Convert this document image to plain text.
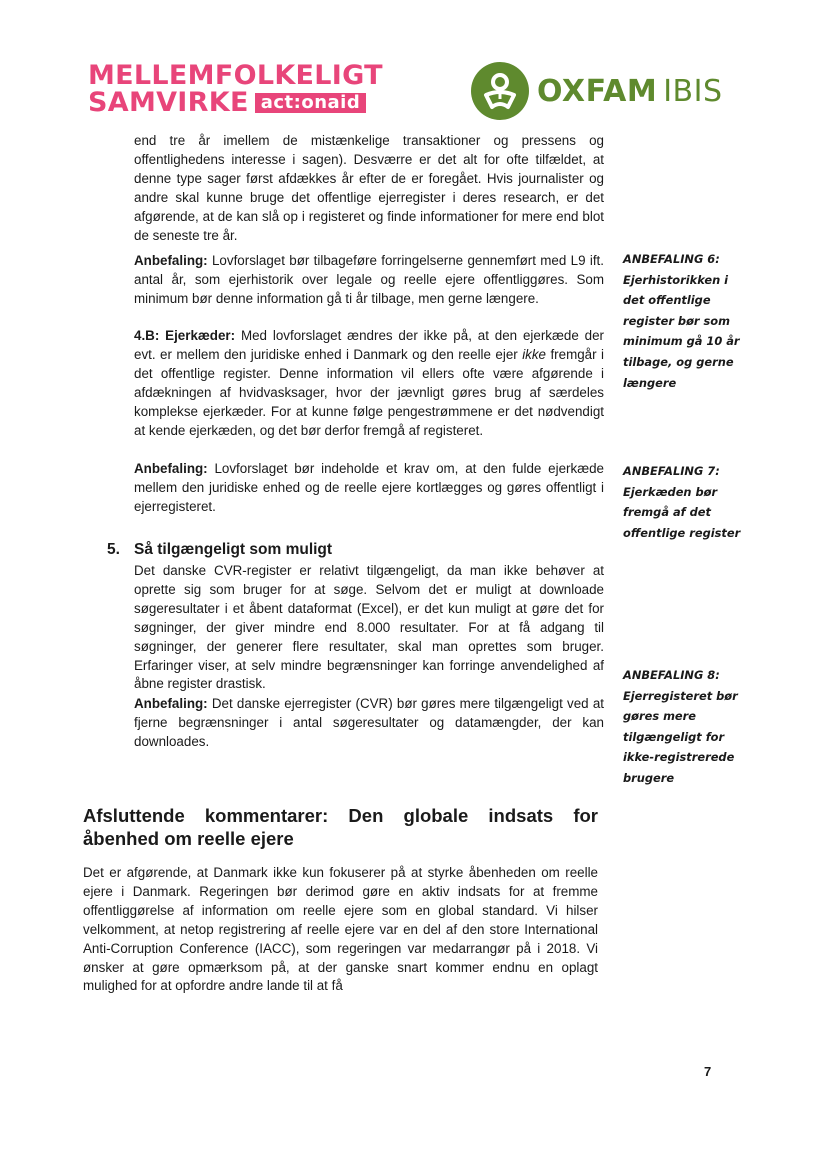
MELLEMFOLKELIGT
SAMVIRKE act:onaid	OXFAM IBIS

end tre år imellem de mistænkelige transaktioner og pressens og offentlighedens interesse i sagen). Desværre er det alt for ofte tilfældet, at denne type sager først afdækkes år efter de er foregået. Hvis journalister og andre skal kunne bruge det offentlige ejerregister i deres research, er det afgørende, at de kan slå op i registeret og finde informationer for mere end blot de seneste tre år.

Anbefaling: Lovforslaget bør tilbageføre forringelserne gennemført med L9 ift. antal år, som ejerhistorik over legale og reelle ejere offentliggøres. Som minimum bør denne information gå ti år tilbage, men gerne længere.

4.B: Ejerkæder: Med lovforslaget ændres der ikke på, at den ejerkæde der evt. er mellem den juridiske enhed i Danmark og den reelle ejer ikke fremgår i det offentlige register. Denne information vil ellers ofte være afgørende i afdækningen af hvidvasksager, hvor der jævnligt gøres brug af særdeles komplekse ejerkæder. For at kunne følge pengestrømmene er det nødvendigt at kende ejerkæden, og det bør derfor fremgå af registeret.

Anbefaling: Lovforslaget bør indeholde et krav om, at den fulde ejerkæde mellem den juridiske enhed og de reelle ejere kortlægges og gøres offentligt i ejerregisteret.

5. Så tilgængeligt som muligt

Det danske CVR-register er relativt tilgængeligt, da man ikke behøver at oprette sig som bruger for at søge. Selvom det er muligt at downloade søgeresultater i et åbent dataformat (Excel), er det kun muligt at gøre det for søgninger, der giver mindre end 8.000 resultater. For at få adgang til søgninger, der generer flere resultater, skal man oprettes som bruger. Erfaringer viser, at selv mindre begrænsninger kan forringe anvendelighed af åbne register drastisk.

Anbefaling: Det danske ejerregister (CVR) bør gøres mere tilgængeligt ved at fjerne begrænsninger i antal søgeresultater og datamængder, der kan downloades.

Afsluttende kommentarer: Den globale indsats for åbenhed om reelle ejere

Det er afgørende, at Danmark ikke kun fokuserer på at styrke åbenheden om reelle ejere i Danmark. Regeringen bør derimod gøre en aktiv indsats for at fremme offentliggørelse af information om reelle ejere som en global standard. Vi hilser velkomment, at netop registrering af reelle ejere var en del af den store International Anti-Corruption Conference (IACC), som regeringen var medarrangør på i 2018. Vi ønsker at gøre opmærksom på, at der ganske snart kommer endnu en oplagt mulighed for at opfordre andre lande til at få

ANBEFALING 6: Ejerhistorikken i det offentlige register bør som minimum gå 10 år tilbage, og gerne længere

ANBEFALING 7: Ejerkæden bør fremgå af det offentlige register

ANBEFALING 8: Ejerregisteret bør gøres mere tilgængeligt for ikke-registrerede brugere

7
